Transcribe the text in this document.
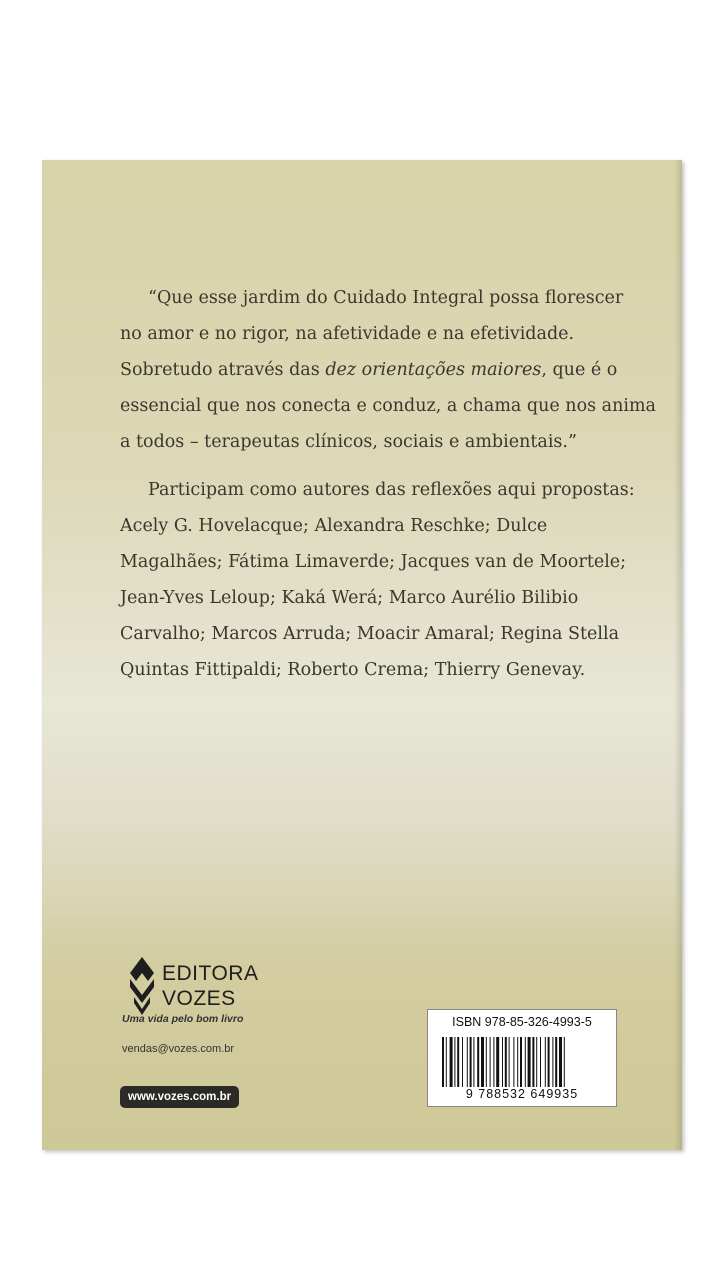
“Que esse jardim do Cuidado Integral possa florescer
no amor e no rigor, na afetividade e na efetividade.
Sobretudo através das dez orientações maiores, que é o
essencial que nos conecta e conduz, a chama que nos anima
a todos – terapeutas clínicos, sociais e ambientais.”

Participam como autores das reflexões aqui propostas:
Acely G. Hovelacque; Alexandra Reschke; Dulce
Magalhães; Fátima Limaverde; Jacques van de Moortele;
Jean-Yves Leloup; Kaká Werá; Marco Aurélio Bilibio
Carvalho; Marcos Arruda; Moacir Amaral; Regina Stella
Quintas Fittipaldi; Roberto Crema; Thierry Genevay.

EDITORA
VOZES
Uma vida pelo bom livro
vendas@vozes.com.br
www.vozes.com.br
ISBN 978-85-326-4993-5
9 788532 649935
